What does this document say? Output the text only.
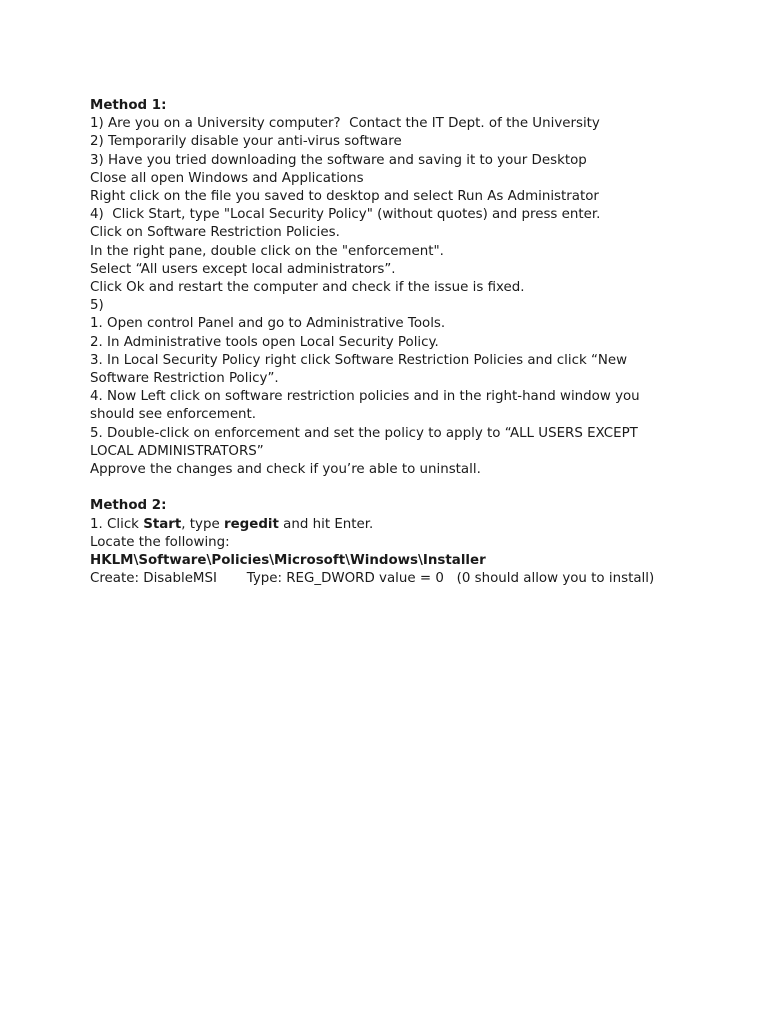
Method 1:
1) Are you on a University computer?  Contact the IT Dept. of the University
2) Temporarily disable your anti-virus software
3) Have you tried downloading the software and saving it to your Desktop
Close all open Windows and Applications
Right click on the file you saved to desktop and select Run As Administrator
4)  Click Start, type "Local Security Policy" (without quotes) and press enter.
Click on Software Restriction Policies.
In the right pane, double click on the "enforcement".
Select “All users except local administrators”.
Click Ok and restart the computer and check if the issue is fixed.
5)
1. Open control Panel and go to Administrative Tools.
2. In Administrative tools open Local Security Policy.
3. In Local Security Policy right click Software Restriction Policies and click “New
Software Restriction Policy”.
4. Now Left click on software restriction policies and in the right-hand window you
should see enforcement.
5. Double-click on enforcement and set the policy to apply to “ALL USERS EXCEPT
LOCAL ADMINISTRATORS”
Approve the changes and check if you’re able to uninstall.
Method 2:
1. Click Start, type regedit and hit Enter.
Locate the following:
HKLM\Software\Policies\Microsoft\Windows\Installer
Create: DisableMSI       Type: REG_DWORD value = 0   (0 should allow you to install)
